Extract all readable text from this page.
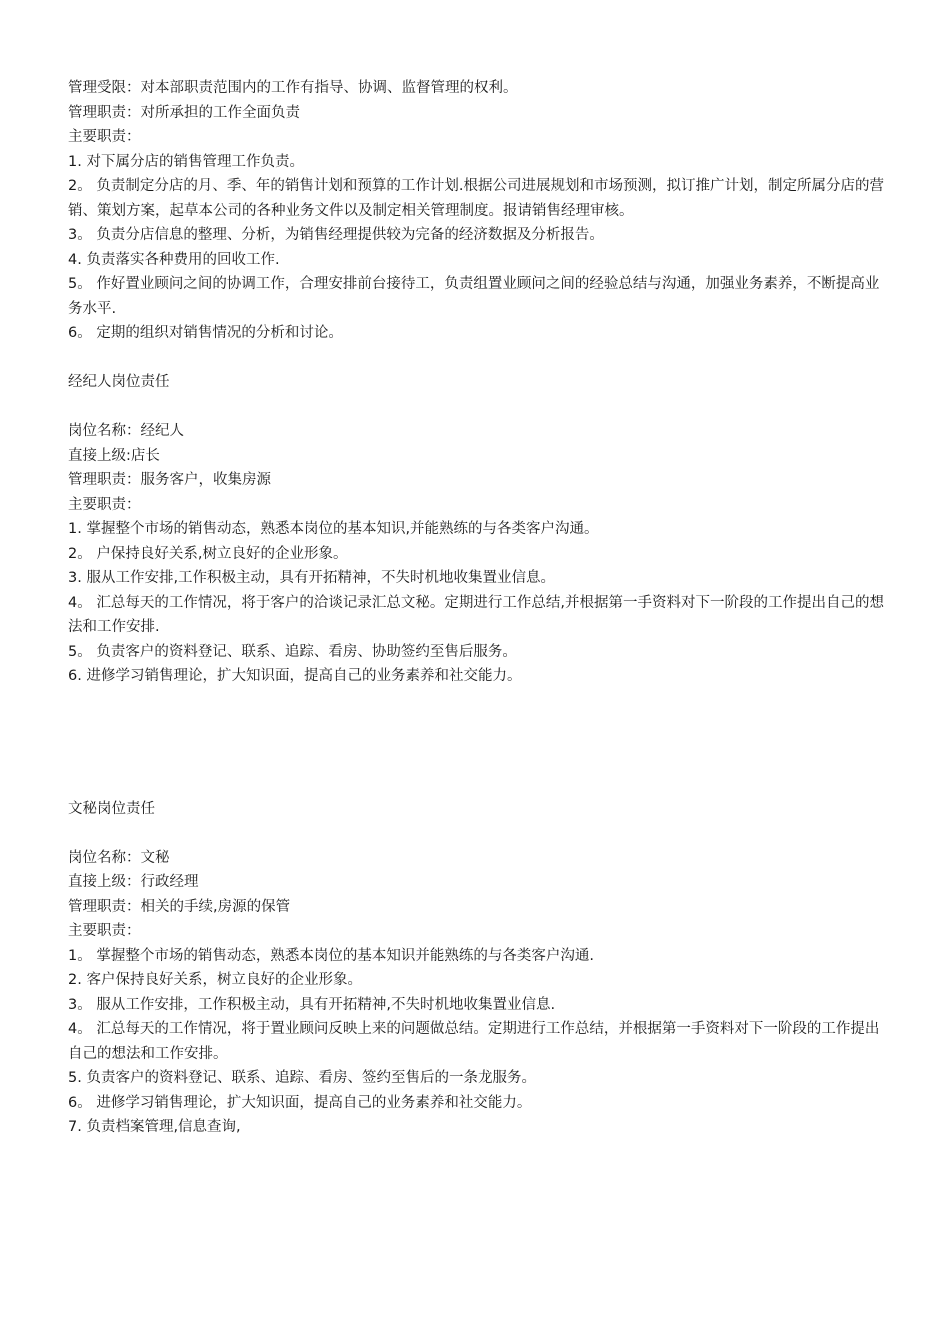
管理受限：对本部职责范围内的工作有指导、协调、监督管理的权利。

管理职责：对所承担的工作全面负责

主要职责：

1. 对下属分店的销售管理工作负责。

2。 负责制定分店的月、季、年的销售计划和预算的工作计划.根据公司进展规划和市场预测，拟订推广计划，制定所属分店的营销、策划方案，起草本公司的各种业务文件以及制定相关管理制度。报请销售经理审核。

3。 负责分店信息的整理、分析，为销售经理提供较为完备的经济数据及分析报告。

4. 负责落实各种费用的回收工作.

5。 作好置业顾问之间的协调工作，合理安排前台接待工，负责组置业顾问之间的经验总结与沟通，加强业务素养，不断提高业务水平.

6。 定期的组织对销售情况的分析和讨论。

经纪人岗位责任

岗位名称：经纪人

直接上级:店长

管理职责：服务客户，收集房源

主要职责：

1. 掌握整个市场的销售动态，熟悉本岗位的基本知识,并能熟练的与各类客户沟通。

2。 户保持良好关系,树立良好的企业形象。

3. 服从工作安排,工作积极主动，具有开拓精神，不失时机地收集置业信息。

4。 汇总每天的工作情况，将于客户的洽谈记录汇总文秘。定期进行工作总结,并根据第一手资料对下一阶段的工作提出自己的想法和工作安排.

5。 负责客户的资料登记、联系、追踪、看房、协助签约至售后服务。

6. 进修学习销售理论，扩大知识面，提高自己的业务素养和社交能力。

文秘岗位责任

岗位名称：文秘

直接上级：行政经理

管理职责：相关的手续,房源的保管

主要职责：

1。 掌握整个市场的销售动态，熟悉本岗位的基本知识并能熟练的与各类客户沟通.

2. 客户保持良好关系，树立良好的企业形象。

3。 服从工作安排，工作积极主动，具有开拓精神,不失时机地收集置业信息.

4。 汇总每天的工作情况，将于置业顾问反映上来的问题做总结。定期进行工作总结，并根据第一手资料对下一阶段的工作提出自己的想法和工作安排。

5. 负责客户的资料登记、联系、追踪、看房、签约至售后的一条龙服务。

6。 进修学习销售理论，扩大知识面，提高自己的业务素养和社交能力。

7. 负责档案管理,信息查询,
